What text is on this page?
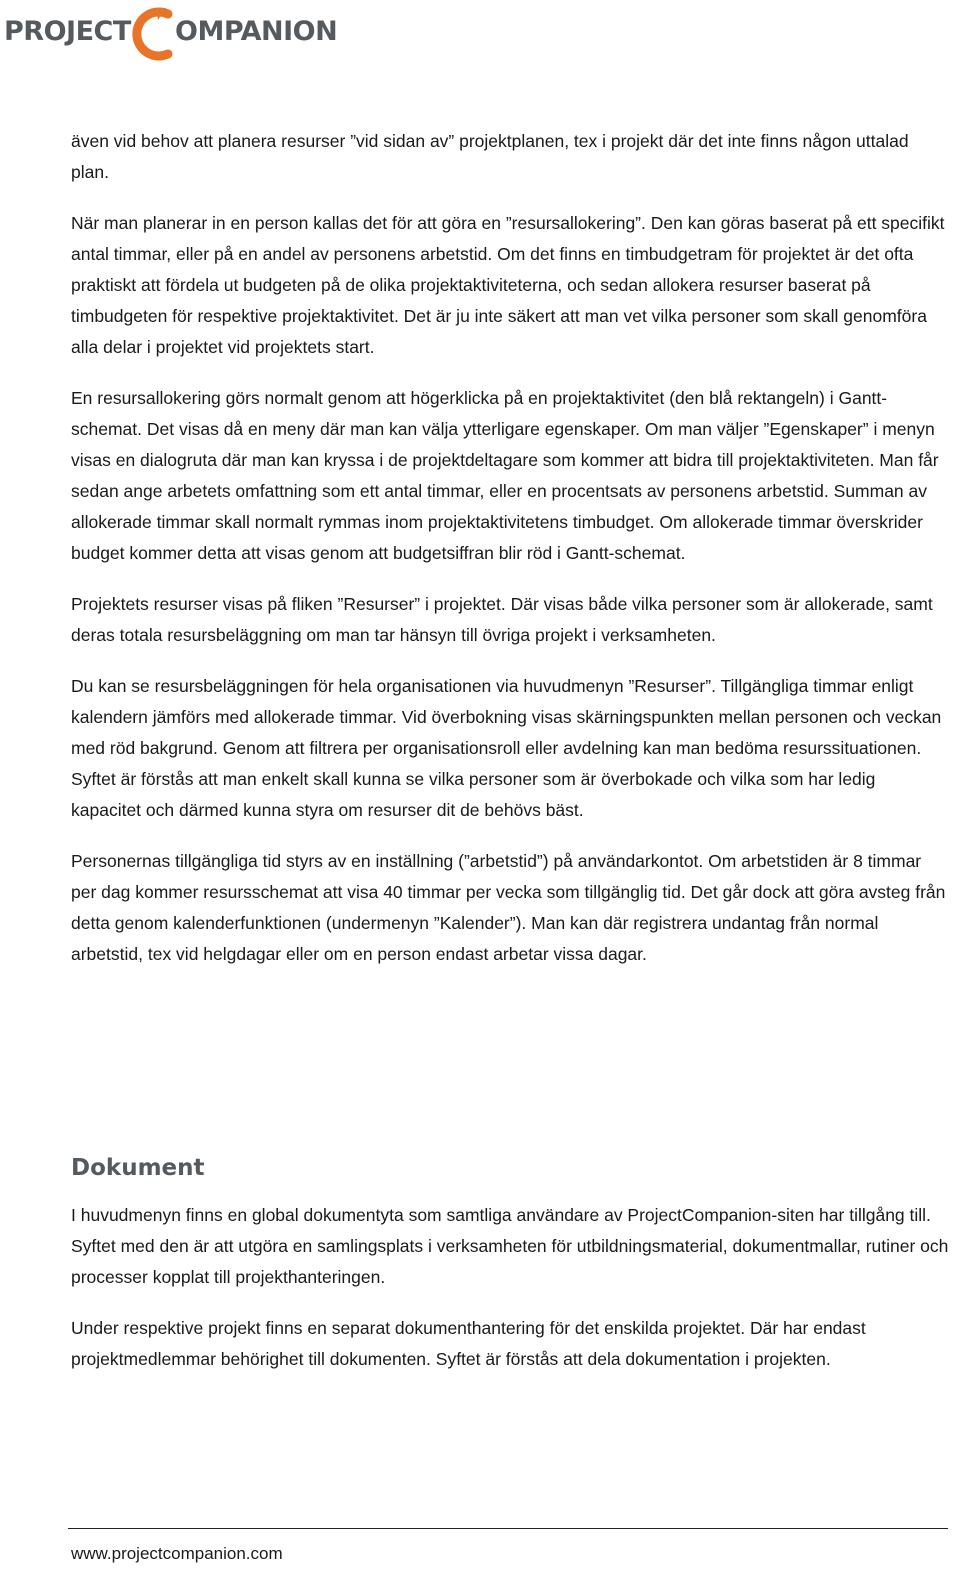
PROJECT OMPANION

även vid behov att planera resurser ”vid sidan av” projektplanen, tex i projekt där det inte finns någon uttalad plan.

När man planerar in en person kallas det för att göra en ”resursallokering”. Den kan göras baserat på ett specifikt antal timmar, eller på en andel av personens arbetstid. Om det finns en timbudgetram för projektet är det ofta praktiskt att fördela ut budgeten på de olika projektaktiviteterna, och sedan allokera resurser baserat på timbudgeten för respektive projektaktivitet. Det är ju inte säkert att man vet vilka personer som skall genomföra alla delar i projektet vid projektets start.

En resursallokering görs normalt genom att högerklicka på en projektaktivitet (den blå rektangeln) i Gantt-schemat. Det visas då en meny där man kan välja ytterligare egenskaper. Om man väljer ”Egenskaper” i menyn visas en dialogruta där man kan kryssa i de projektdeltagare som kommer att bidra till projektaktiviteten. Man får sedan ange arbetets omfattning som ett antal timmar, eller en procentsats av personens arbetstid. Summan av allokerade timmar skall normalt rymmas inom projektaktivitetens timbudget. Om allokerade timmar överskrider budget kommer detta att visas genom att budgetsiffran blir röd i Gantt-schemat.

Projektets resurser visas på fliken ”Resurser” i projektet. Där visas både vilka personer som är allokerade, samt deras totala resursbeläggning om man tar hänsyn till övriga projekt i verksamheten.

Du kan se resursbeläggningen för hela organisationen via huvudmenyn ”Resurser”. Tillgängliga timmar enligt kalendern jämförs med allokerade timmar. Vid överbokning visas skärningspunkten mellan personen och veckan med röd bakgrund. Genom att filtrera per organisationsroll eller avdelning kan man bedöma resurssituationen. Syftet är förstås att man enkelt skall kunna se vilka personer som är överbokade och vilka som har ledig kapacitet och därmed kunna styra om resurser dit de behövs bäst.

Personernas tillgängliga tid styrs av en inställning (”arbetstid”) på användarkontot. Om arbetstiden är 8 timmar per dag kommer resursschemat att visa 40 timmar per vecka som tillgänglig tid. Det går dock att göra avsteg från detta genom kalenderfunktionen (undermenyn ”Kalender”). Man kan där registrera undantag från normal arbetstid, tex vid helgdagar eller om en person endast arbetar vissa dagar.

Dokument

I huvudmenyn finns en global dokumentyta som samtliga användare av ProjectCompanion-siten har tillgång till. Syftet med den är att utgöra en samlingsplats i verksamheten för utbildningsmaterial, dokumentmallar, rutiner och processer kopplat till projekthanteringen.

Under respektive projekt finns en separat dokumenthantering för det enskilda projektet. Där har endast projektmedlemmar behörighet till dokumenten. Syftet är förstås att dela dokumentation i projekten.

www.projectcompanion.com
